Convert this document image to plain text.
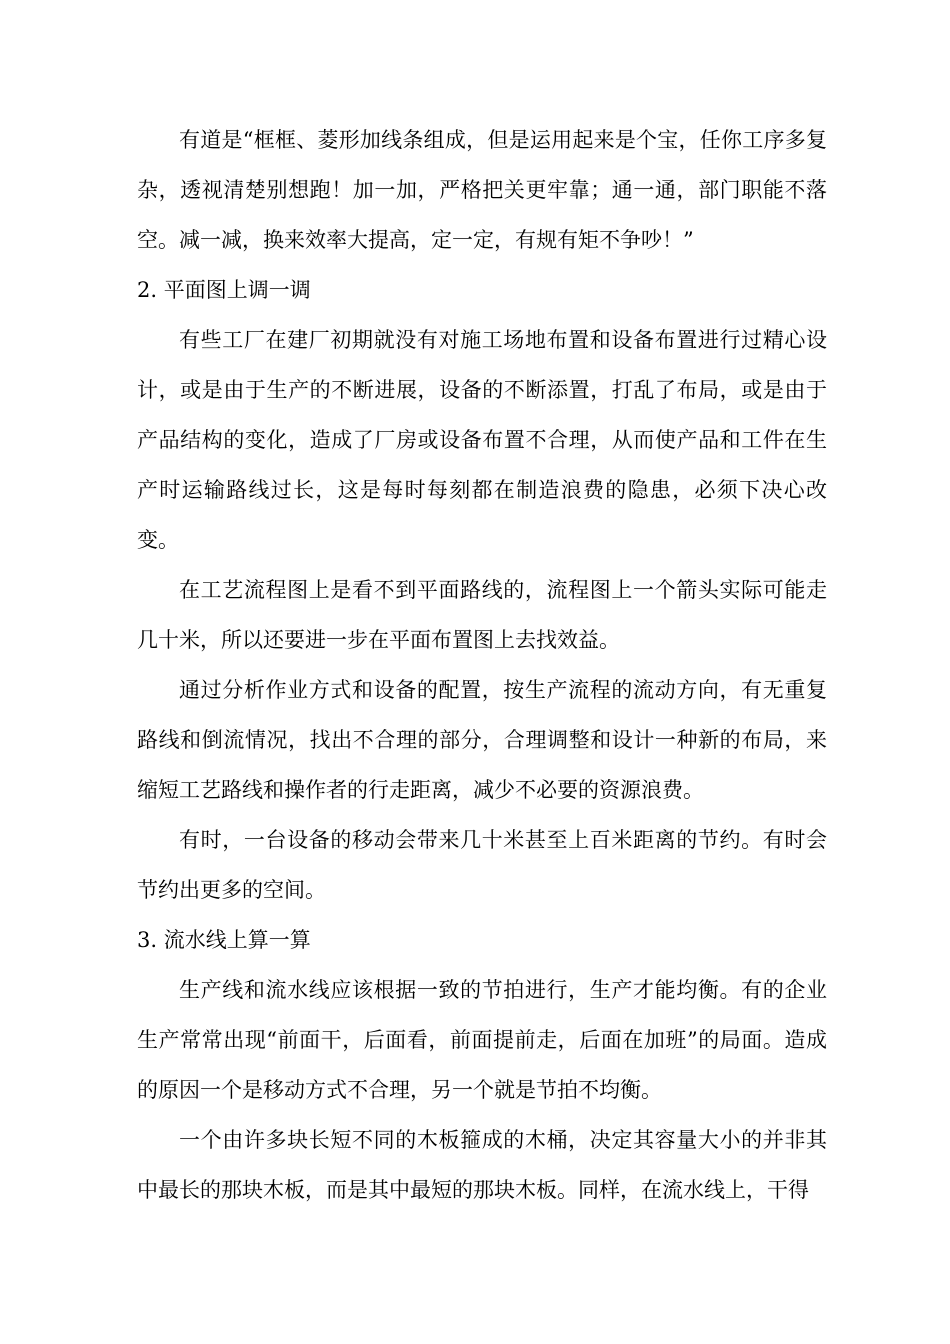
有道是“框框、菱形加线条组成，但是运用起来是个宝，任你工序多复杂，透视清楚别想跑！加一加，严格把关更牢靠；通一通，部门职能不落空。减一减，换来效率大提高，定一定，有规有矩不争吵！”

2. 平面图上调一调

有些工厂在建厂初期就没有对施工场地布置和设备布置进行过精心设计，或是由于生产的不断进展，设备的不断添置，打乱了布局，或是由于产品结构的变化，造成了厂房或设备布置不合理，从而使产品和工件在生产时运输路线过长，这是每时每刻都在制造浪费的隐患，必须下决心改变。

在工艺流程图上是看不到平面路线的，流程图上一个箭头实际可能走几十米，所以还要进一步在平面布置图上去找效益。

通过分析作业方式和设备的配置，按生产流程的流动方向，有无重复路线和倒流情况，找出不合理的部分，合理调整和设计一种新的布局，来缩短工艺路线和操作者的行走距离，减少不必要的资源浪费。

有时，一台设备的移动会带来几十米甚至上百米距离的节约。有时会节约出更多的空间。

3. 流水线上算一算

生产线和流水线应该根据一致的节拍进行，生产才能均衡。有的企业生产常常出现“前面干，后面看，前面提前走，后面在加班”的局面。造成的原因一个是移动方式不合理，另一个就是节拍不均衡。

一个由许多块长短不同的木板箍成的木桶，决定其容量大小的并非其中最长的那块木板，而是其中最短的那块木板。同样，在流水线上，干得
